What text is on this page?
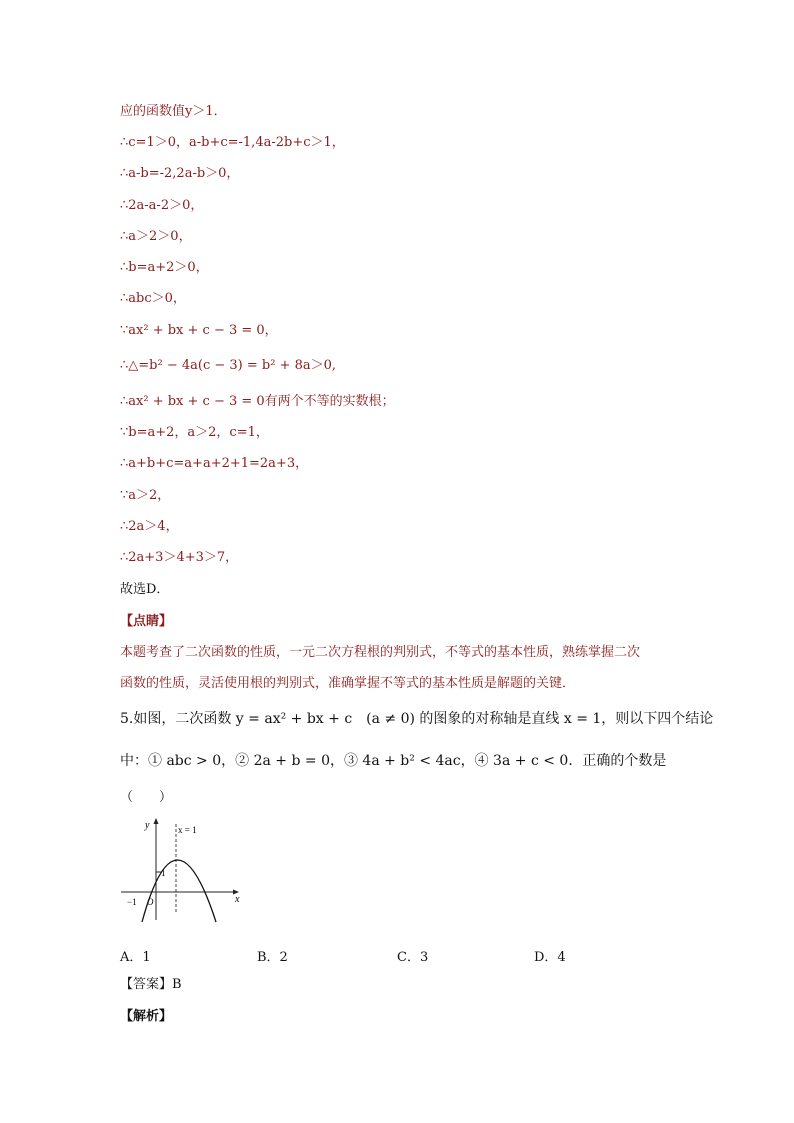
应的函数值y＞1．
∴c=1＞0，a-b+c=-1,4a-2b+c＞1，
∴a-b=-2,2a-b＞0，
∴2a-a-2＞0，
∴a＞2＞0，
∴b=a+2＞0，
∴abc＞0，
∵ax² + bx + c − 3 = 0，
∴△=b² − 4a(c − 3) = b² + 8a＞0,
∴ax² + bx + c − 3 = 0有两个不等的实数根；
∵b=a+2，a＞2，c=1，
∴a+b+c=a+a+2+1=2a+3，
∵a＞2，
∴2a＞4，
∴2a+3＞4+3＞7，
故选D．
【点睛】
本题考查了二次函数的性质，一元二次方程根的判别式，不等式的基本性质，熟练掌握二次
函数的性质，灵活使用根的判别式，准确掌握不等式的基本性质是解题的关键．
5.如图，二次函数 y = ax² + bx + c　(a ≠ 0) 的图象的对称轴是直线 x = 1，则以下四个结论
中：① abc > 0，② 2a + b = 0，③ 4a + b² < 4ac，④ 3a + c < 0．正确的个数是
（　　）
y
x
x = 1
1
−1 O
A．1	B．2	C．3	D．4
【答案】B
【解析】
